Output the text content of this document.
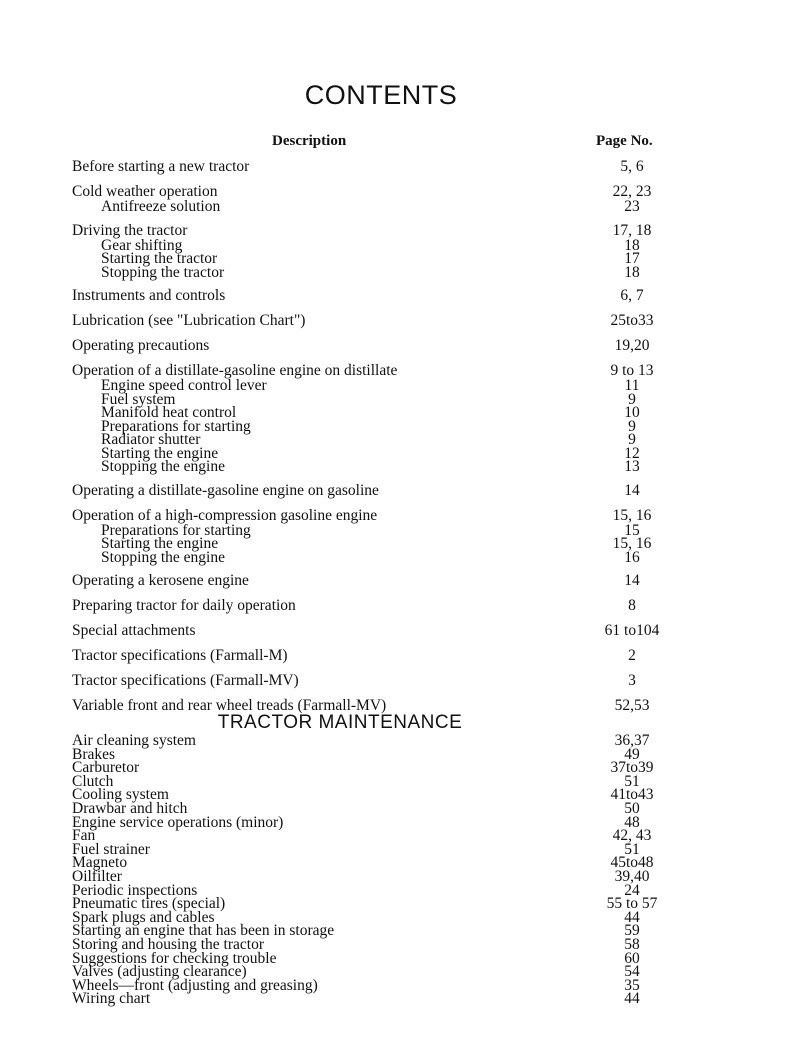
CONTENTS
Description	Page No.
Before starting a new tractor	5, 6
Cold weather operation	22, 23
Antifreeze solution	23
Driving the tractor	17, 18
Gear shifting	18
Starting the tractor	17
Stopping the tractor	18
Instruments and controls	6, 7
Lubrication (see "Lubrication Chart")	25to33
Operating precautions	19,20
Operation of a distillate-gasoline engine on distillate	9 to 13
Engine speed control lever	11
Fuel system	9
Manifold heat control	10
Preparations for starting	9
Radiator shutter	9
Starting the engine	12
Stopping the engine	13
Operating a distillate-gasoline engine on gasoline	14
Operation of a high-compression gasoline engine	15, 16
Preparations for starting	15
Starting the engine	15, 16
Stopping the engine	16
Operating a kerosene engine	14
Preparing tractor for daily operation	8
Special attachments	61 to104
Tractor specifications (Farmall-M)	2
Tractor specifications (Farmall-MV)	3
Variable front and rear wheel treads (Farmall-MV)	52,53
TRACTOR MAINTENANCE
Air cleaning system	36,37
Brakes	49
Carburetor	37to39
Clutch	51
Cooling system	41to43
Drawbar and hitch	50
Engine service operations (minor)	48
Fan	42, 43
Fuel strainer	51
Magneto	45to48
Oilfilter	39,40
Periodic inspections	24
Pneumatic tires (special)	55 to 57
Spark plugs and cables	44
Starting an engine that has been in storage	59
Storing and housing the tractor	58
Suggestions for checking trouble	60
Valves (adjusting clearance)	54
Wheels—front (adjusting and greasing)	35
Wiring chart	44
